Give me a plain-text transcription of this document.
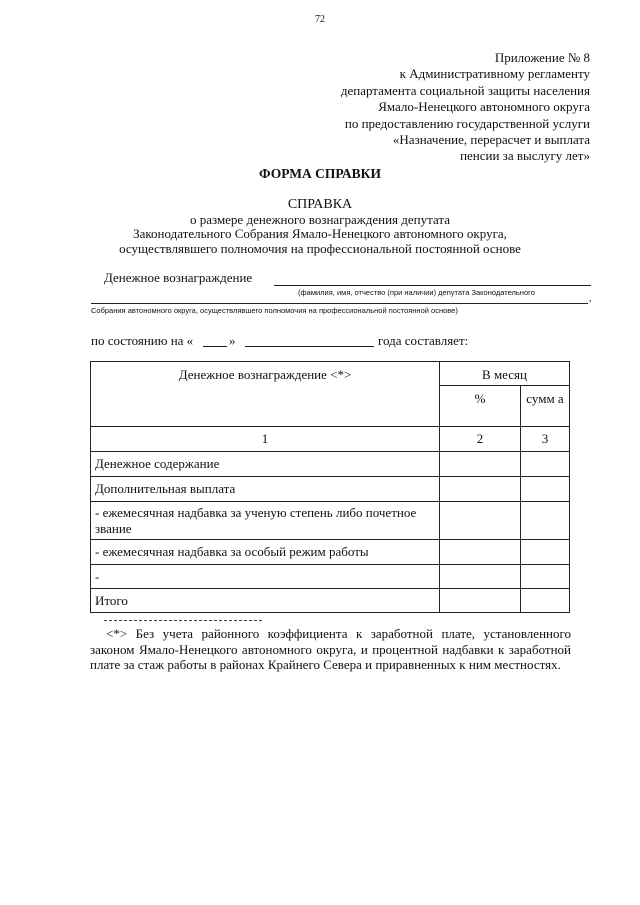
72
Приложение № 8
к Административному регламенту
департамента социальной защиты населения
Ямало-Ненецкого автономного округа
по предоставлению государственной услуги
«Назначение, перерасчет и выплата
пенсии за выслугу лет»
ФОРМА СПРАВКИ
СПРАВКА
о размере денежного вознаграждения депутата
Законодательного Собрания Ямало-Ненецкого автономного округа,
осуществлявшего полномочия на профессиональной постоянной основе
Денежное вознаграждение
(фамилия, имя, отчество (при наличии) депутата Законодательного
,
Собрания автономного округа, осуществлявшего полномочия на профессиональной постоянной основе)
по состоянию на «	»	года составляет:
Денежное вознаграждение <*>	В месяц	
	%	сумм а
1	2	3
Денежное содержание		
Дополнительная выплата		
- ежемесячная надбавка за ученую степень либо почетное звание		
- ежемесячная надбавка за особый режим работы		
-		
Итого		
<*> Без учета районного коэффициента к заработной плате, установленного законом Ямало-Ненецкого автономного округа, и процентной надбавки к заработной плате за стаж работы в районах Крайнего Севера и приравненных к ним местностях.
